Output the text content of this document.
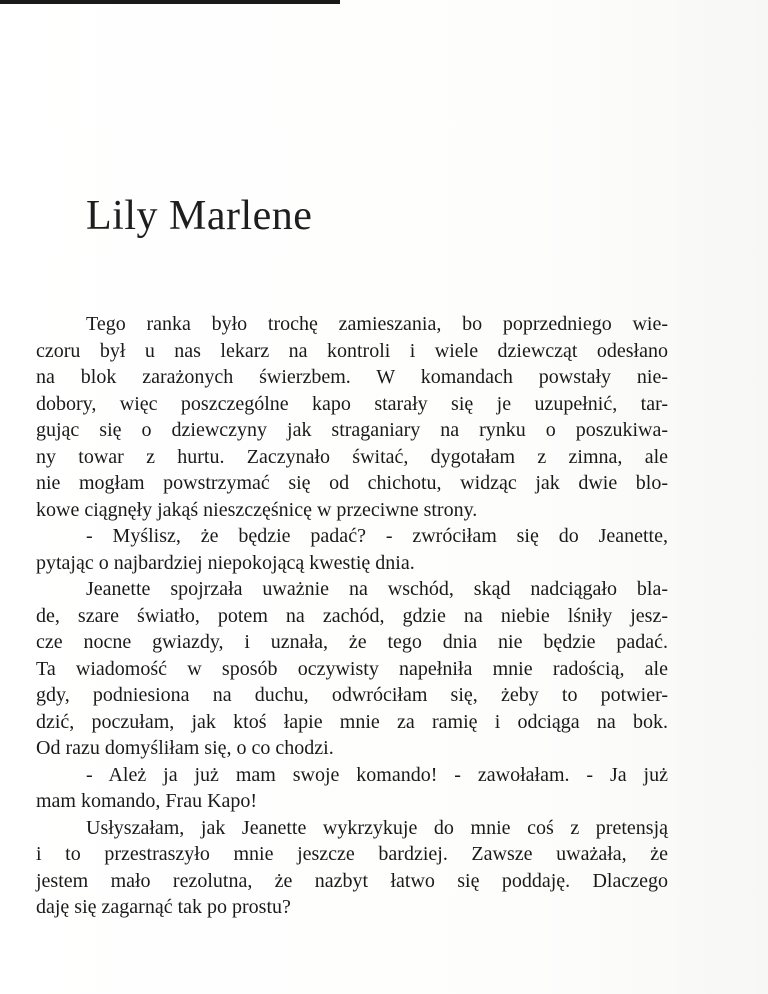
Lily Marlene
Tego ranka było trochę zamieszania, bo poprzedniego wie-
czoru był u nas lekarz na kontroli i wiele dziewcząt odesłano
na blok zarażonych świerzbem. W komandach powstały nie-
dobory, więc poszczególne kapo starały się je uzupełnić, tar-
gując się o dziewczyny jak straganiary na rynku o poszukiwa-
ny towar z hurtu. Zaczynało świtać, dygotałam z zimna, ale
nie mogłam powstrzymać się od chichotu, widząc jak dwie blo-
kowe ciągnęły jakąś nieszczęśnicę w przeciwne strony.
- Myślisz, że będzie padać? - zwróciłam się do Jeanette,
pytając o najbardziej niepokojącą kwestię dnia.
Jeanette spojrzała uważnie na wschód, skąd nadciągało bla-
de, szare światło, potem na zachód, gdzie na niebie lśniły jesz-
cze nocne gwiazdy, i uznała, że tego dnia nie będzie padać.
Ta wiadomość w sposób oczywisty napełniła mnie radością, ale
gdy, podniesiona na duchu, odwróciłam się, żeby to potwier-
dzić, poczułam, jak ktoś łapie mnie za ramię i odciąga na bok.
Od razu domyśliłam się, o co chodzi.
- Ależ ja już mam swoje komando! - zawołałam. - Ja już
mam komando, Frau Kapo!
Usłyszałam, jak Jeanette wykrzykuje do mnie coś z pretensją
i to przestraszyło mnie jeszcze bardziej. Zawsze uważała, że
jestem mało rezolutna, że nazbyt łatwo się poddaję. Dlaczego
daję się zagarnąć tak po prostu?
